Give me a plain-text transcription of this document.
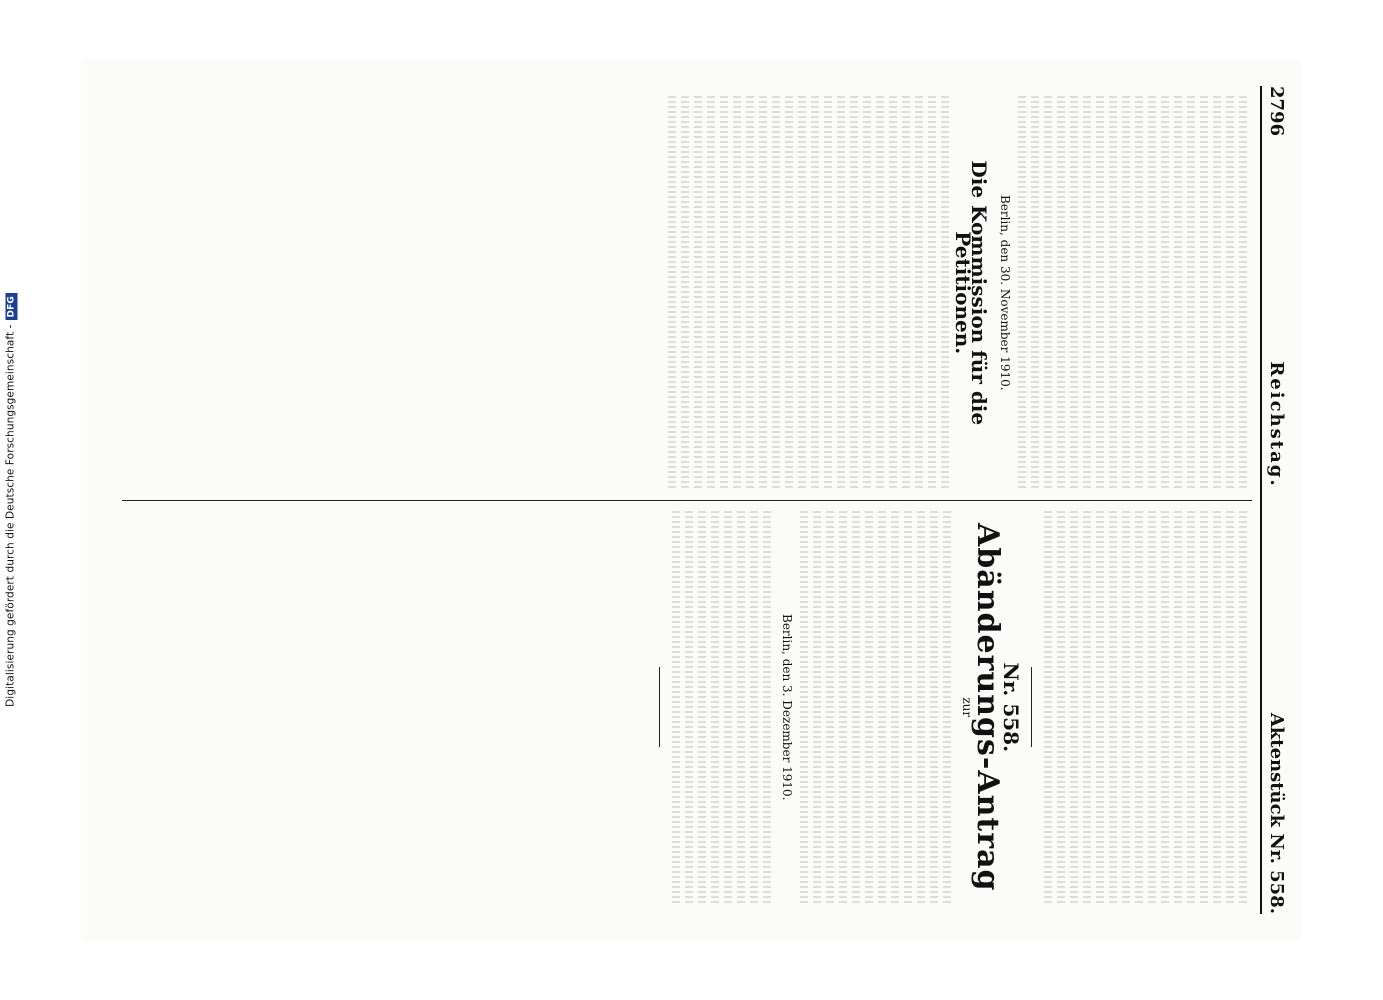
Digitalisierung gefördert durch die Deutsche Forschungsgemeinschaft -DFG
2796
Reichstag.
Aktenstück Nr. 558.

Berlin, den 30. November 1910.

Die Kommission für die Petitionen.
Nr. 558.
Abänderungs-Antrag

zur

Berlin, den 3. Dezember 1910.
